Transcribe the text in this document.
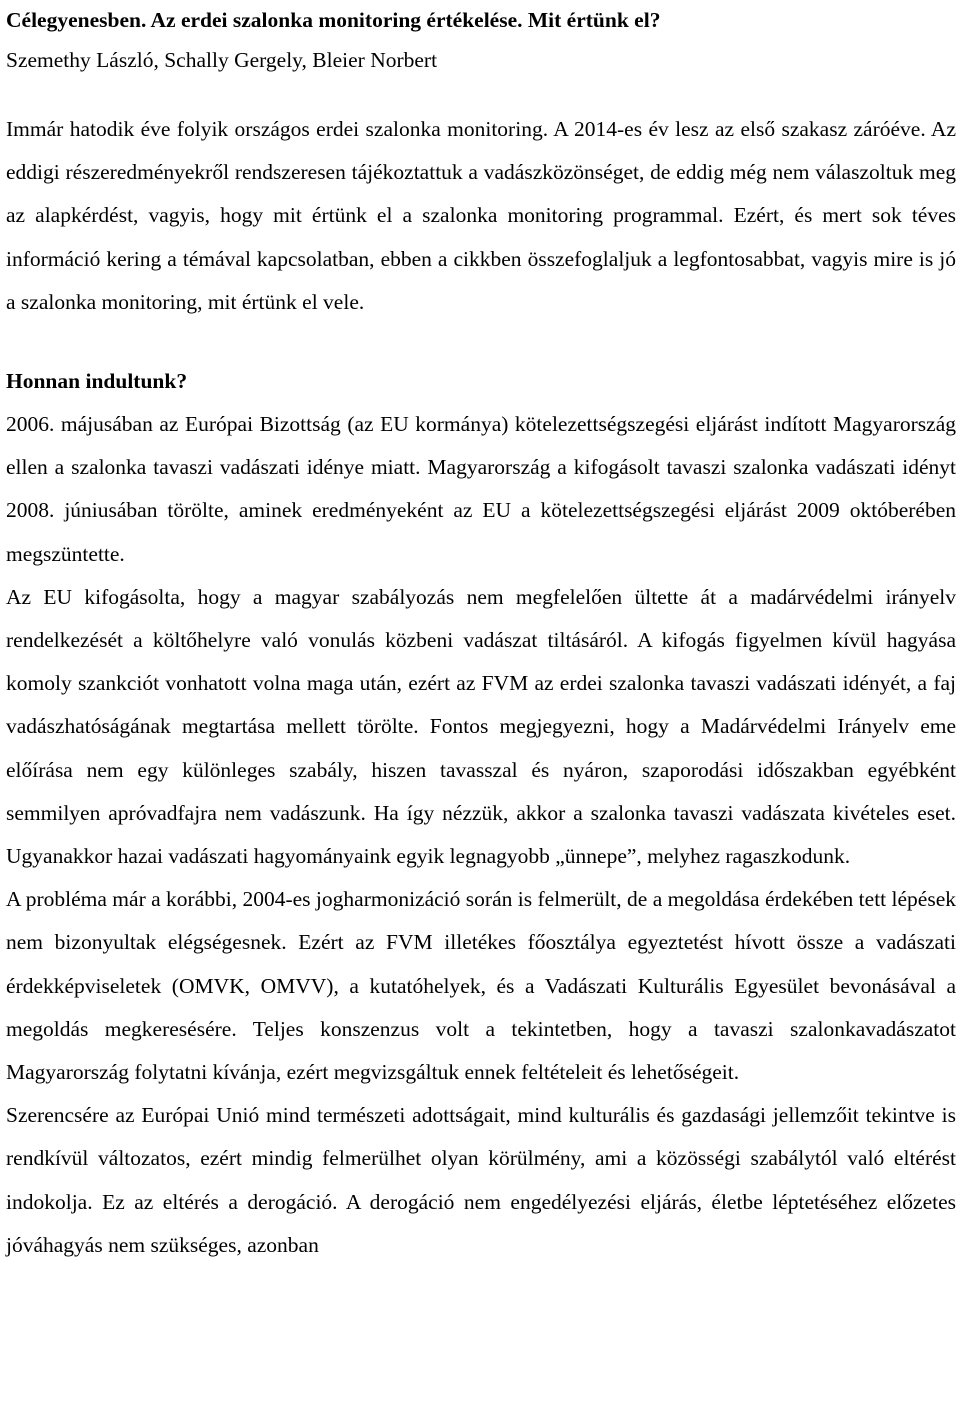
Célegyenesben. Az erdei szalonka monitoring értékelése. Mit értünk el?

Szemethy László, Schally Gergely, Bleier Norbert

Immár hatodik éve folyik országos erdei szalonka monitoring. A 2014-es év lesz az első szakasz záróéve. Az eddigi részeredményekről rendszeresen tájékoztattuk a vadászközönséget, de eddig még nem válaszoltuk meg az alapkérdést, vagyis, hogy mit értünk el a szalonka monitoring programmal. Ezért, és mert sok téves információ kering a témával kapcsolatban, ebben a cikkben összefoglaljuk a legfontosabbat, vagyis mire is jó a szalonka monitoring, mit értünk el vele.

Honnan indultunk?

2006. májusában az Európai Bizottság (az EU kormánya) kötelezettségszegési eljárást indított Magyarország ellen a szalonka tavaszi vadászati idénye miatt. Magyarország a kifogásolt tavaszi szalonka vadászati idényt 2008. júniusában törölte, aminek eredményeként az EU a kötelezettségszegési eljárást 2009 októberében megszüntette.

Az EU kifogásolta, hogy a magyar szabályozás nem megfelelően ültette át a madárvédelmi irányelv rendelkezését a költőhelyre való vonulás közbeni vadászat tiltásáról. A kifogás figyelmen kívül hagyása komoly szankciót vonhatott volna maga után, ezért az FVM az erdei szalonka tavaszi vadászati idényét, a faj vadászhatóságának megtartása mellett törölte. Fontos megjegyezni, hogy a Madárvédelmi Irányelv eme előírása nem egy különleges szabály, hiszen tavasszal és nyáron, szaporodási időszakban egyébként semmilyen apróvadfajra nem vadászunk. Ha így nézzük, akkor a szalonka tavaszi vadászata kivételes eset. Ugyanakkor hazai vadászati hagyományaink egyik legnagyobb „ünnepe”, melyhez ragaszkodunk.

A probléma már a korábbi, 2004-es jogharmonizáció során is felmerült, de a megoldása érdekében tett lépések nem bizonyultak elégségesnek. Ezért az FVM illetékes főosztálya egyeztetést hívott össze a vadászati érdekképviseletek (OMVK, OMVV), a kutatóhelyek, és a Vadászati Kulturális Egyesület bevonásával a megoldás megkeresésére. Teljes konszenzus volt a tekintetben, hogy a tavaszi szalonkavadászatot Magyarország folytatni kívánja, ezért megvizsgáltuk ennek feltételeit és lehetőségeit.

Szerencsére az Európai Unió mind természeti adottságait, mind kulturális és gazdasági jellemzőit tekintve is rendkívül változatos, ezért mindig felmerülhet olyan körülmény, ami a közösségi szabálytól való eltérést indokolja. Ez az eltérés a derogáció. A derogáció nem engedélyezési eljárás, életbe léptetéséhez előzetes jóváhagyás nem szükséges, azonban
